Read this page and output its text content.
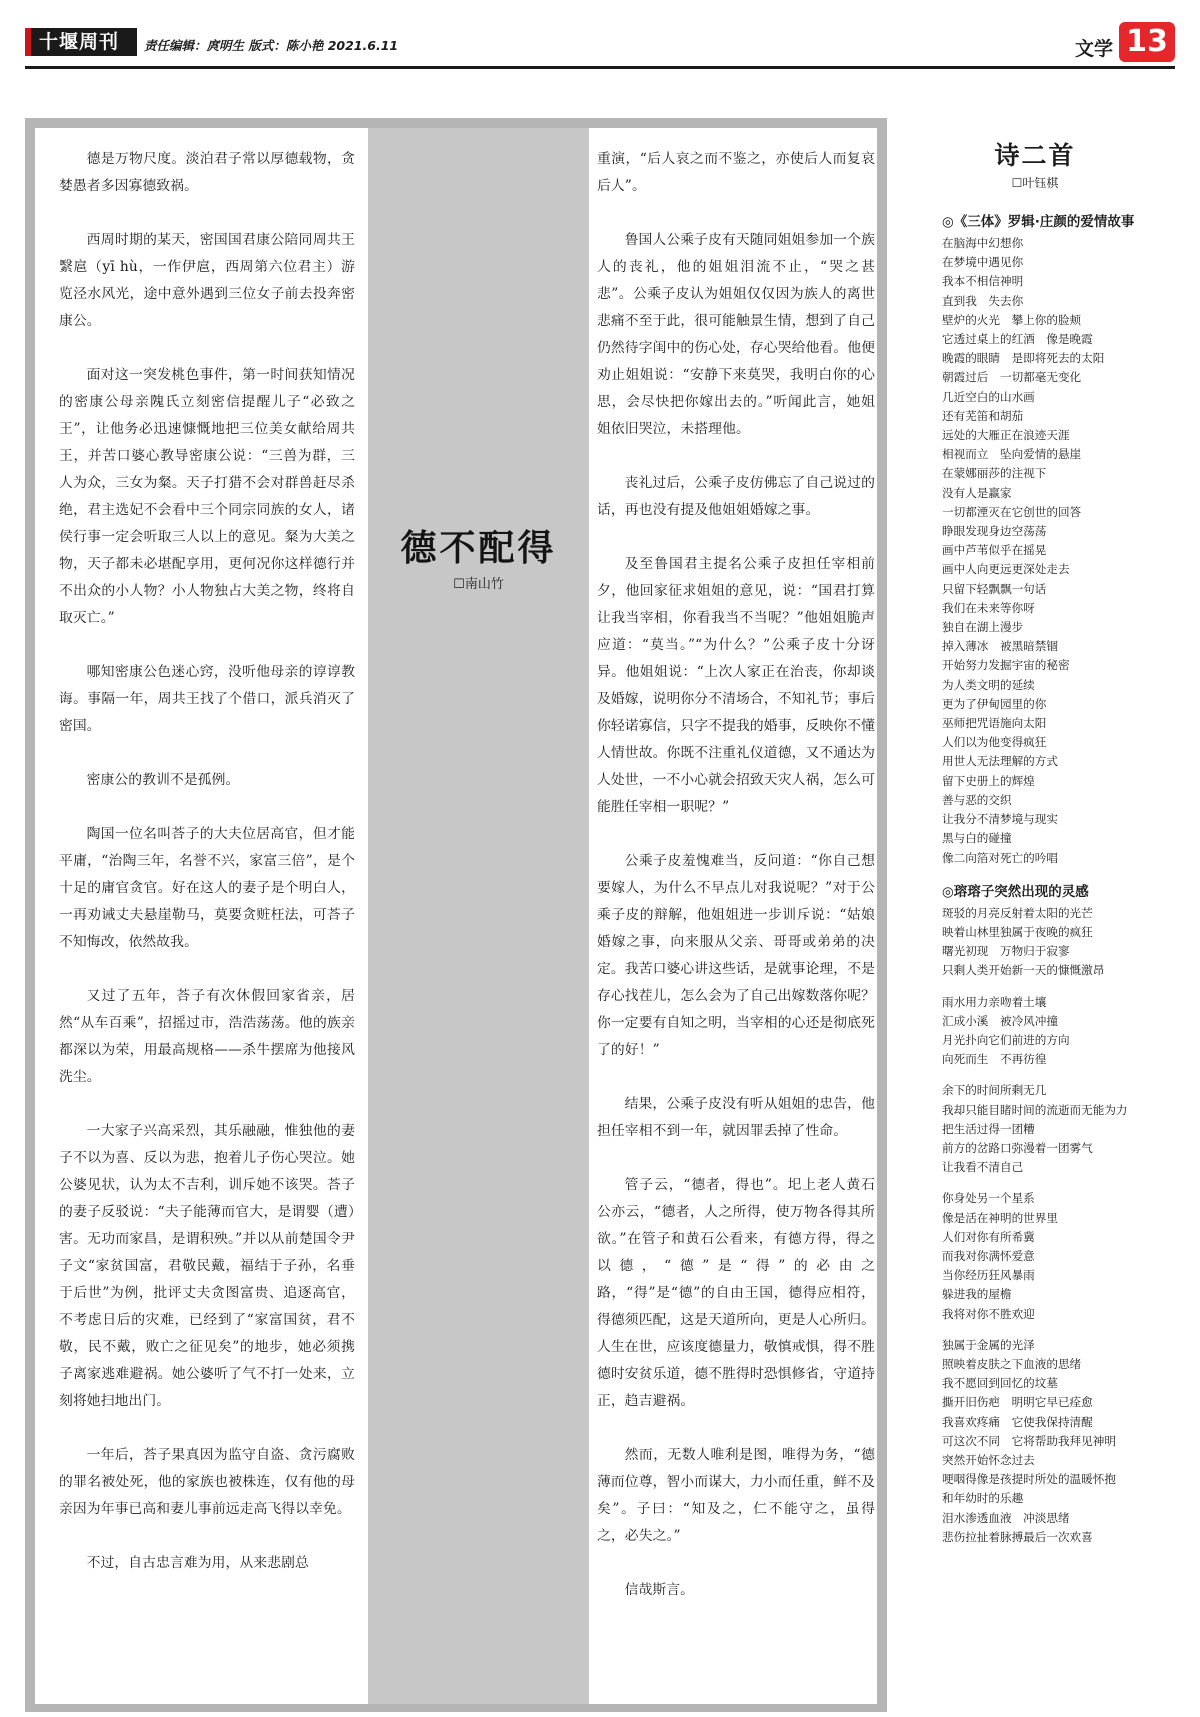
十堰周刊 责任编辑：庹明生 版式：陈小艳 2021.6.11	文学 13

德是万物尺度。淡泊君子常以厚德载物，贪婪愚者多因寡德致祸。

西周时期的某天，密国国君康公陪同周共王繄扈（yī hù，一作伊扈，西周第六位君主）游览泾水风光，途中意外遇到三位女子前去投奔密康公。

面对这一突发桃色事件，第一时间获知情况的密康公母亲隗氏立刻密信提醒儿子“必致之王”，让他务必迅速慷慨地把三位美女献给周共王，并苦口婆心教导密康公说：“三兽为群，三人为众，三女为粲。天子打猎不会对群兽赶尽杀绝，君主选妃不会看中三个同宗同族的女人，诸侯行事一定会听取三人以上的意见。粲为大美之物，天子都未必堪配享用，更何况你这样德行并不出众的小人物？小人物独占大美之物，终将自取灭亡。”

哪知密康公色迷心窍，没听他母亲的谆谆教诲。事隔一年，周共王找了个借口，派兵消灭了密国。

密康公的教训不是孤例。

陶国一位名叫荅子的大夫位居高官，但才能平庸，“治陶三年，名誉不兴，家富三倍”，是个十足的庸官贪官。好在这人的妻子是个明白人，一再劝诫丈夫悬崖勒马，莫要贪赃枉法，可荅子不知悔改，依然故我。

又过了五年，荅子有次休假回家省亲，居然“从车百乘”，招摇过市，浩浩荡荡。他的族亲都深以为荣，用最高规格——杀牛摆席为他接风洗尘。

一大家子兴高采烈，其乐融融，惟独他的妻子不以为喜、反以为悲，抱着儿子伤心哭泣。她公婆见状，认为太不吉利，训斥她不该哭。荅子的妻子反驳说：“夫子能薄而官大，是谓婴（遭）害。无功而家昌，是谓积殃。”并以从前楚国令尹子文“家贫国富，君敬民戴，福结于子孙，名垂于后世”为例，批评丈夫贪图富贵、追逐高官，不考虑日后的灾难，已经到了“家富国贫，君不敬，民不戴，败亡之征见矣”的地步，她必须携子离家逃难避祸。她公婆听了气不打一处来，立刻将她扫地出门。

一年后，荅子果真因为监守自盗、贪污腐败的罪名被处死，他的家族也被株连，仅有他的母亲因为年事已高和妻儿事前远走高飞得以幸免。

不过，自古忠言难为用，从来悲剧总

德不配得
☐南山竹

重演，“后人哀之而不鉴之，亦使后人而复哀后人”。

鲁国人公乘子皮有天随同姐姐参加一个族人的丧礼，他的姐姐泪流不止，“哭之甚悲”。公乘子皮认为姐姐仅仅因为族人的离世悲痛不至于此，很可能触景生情，想到了自己仍然待字闺中的伤心处，存心哭给他看。他便劝止姐姐说：“安静下来莫哭，我明白你的心思，会尽快把你嫁出去的。”听闻此言，她姐姐依旧哭泣，未搭理他。

丧礼过后，公乘子皮仿佛忘了自己说过的话，再也没有提及他姐姐婚嫁之事。

及至鲁国君主提名公乘子皮担任宰相前夕，他回家征求姐姐的意见，说：“国君打算让我当宰相，你看我当不当呢？”他姐姐脆声应道：“莫当。”“为什么？”公乘子皮十分讶异。他姐姐说：“上次人家正在治丧，你却谈及婚嫁，说明你分不清场合，不知礼节；事后你轻诺寡信，只字不提我的婚事，反映你不懂人情世故。你既不注重礼仪道德，又不通达为人处世，一不小心就会招致天灾人祸，怎么可能胜任宰相一职呢？”

公乘子皮羞愧难当，反问道：“你自己想要嫁人，为什么不早点儿对我说呢？”对于公乘子皮的辩解，他姐姐进一步训斥说：“姑娘婚嫁之事，向来服从父亲、哥哥或弟弟的决定。我苦口婆心讲这些话，是就事论理，不是存心找茬儿，怎么会为了自己出嫁数落你呢？你一定要有自知之明，当宰相的心还是彻底死了的好！”

结果，公乘子皮没有听从姐姐的忠告，他担任宰相不到一年，就因罪丢掉了性命。

管子云，“德者，得也”。圯上老人黄石公亦云，“德者，人之所得，使万物各得其所欲。”在管子和黄石公看来，有德方得，得之以德，“德”是“得”的必由之路，“得”是“德”的自由王国，德得应相符，得德须匹配，这是天道所向，更是人心所归。人生在世，应该度德量力，敬慎戒惧，得不胜德时安贫乐道，德不胜得时恐惧修省，守道持正，趋吉避祸。

然而，无数人唯利是图，唯得为务，“德薄而位尊，智小而谋大，力小而任重，鲜不及矣”。子曰：“知及之，仁不能守之，虽得之，必失之。”

信哉斯言。

诗二首
☐叶钰棋
◎《三体》罗辑·庄颜的爱情故事
在脑海中幻想你
在梦境中遇见你
我本不相信神明
直到我　失去你
壁炉的火光　攀上你的脸颊
它透过桌上的红酒　像是晚霞
晚霞的眼睛　是即将死去的太阳
朝霞过后　一切都毫无变化
几近空白的山水画
还有芜笛和胡茄
远处的大雁正在浪迹天涯
相视而立　坠向爱情的悬崖
在蒙娜丽莎的注视下
没有人是赢家
一切都湮灭在它创世的回答
睁眼发现身边空荡荡
画中芦苇似乎在摇晃
画中人向更远更深处走去
只留下轻飘飘一句话
我们在未来等你呀
独自在湖上漫步
掉入薄冰　被黑暗禁锢
开始努力发掘宇宙的秘密
为人类文明的延续
更为了伊甸园里的你
巫师把咒语施向太阳
人们以为他变得疯狂
用世人无法理解的方式
留下史册上的辉煌
善与恶的交织
让我分不清梦境与现实
黑与白的碰撞
像二向箔对死亡的吟唱
◎瑢瑢子突然出现的灵感
斑驳的月亮反射着太阳的光芒
映着山林里独属于夜晚的疯狂
曙光初现　万物归于寂寥
只剩人类开始新一天的慷慨激昂
雨水用力亲吻着土壤
汇成小溪　被冷风冲撞
月光扑向它们前进的方向
向死而生　不再彷徨
余下的时间所剩无几
我却只能目睹时间的流逝而无能为力
把生活过得一团糟
前方的岔路口弥漫着一团雾气
让我看不清自己
你身处另一个星系
像是活在神明的世界里
人们对你有所希冀
而我对你满怀爱意
当你经历狂风暴雨
躲进我的屋檐
我将对你不胜欢迎
独属于金属的光泽
照映着皮肤之下血液的思绪
我不愿回到回忆的坟墓
撕开旧伤疤　明明它早已痊愈
我喜欢疼痛　它使我保持清醒
可这次不同　它将帮助我拜见神明
突然开始怀念过去
哽咽得像是孩提时所处的温暖怀抱
和年幼时的乐趣
泪水渗透血液　冲淡思绪
悲伤拉扯着脉搏最后一次欢喜
